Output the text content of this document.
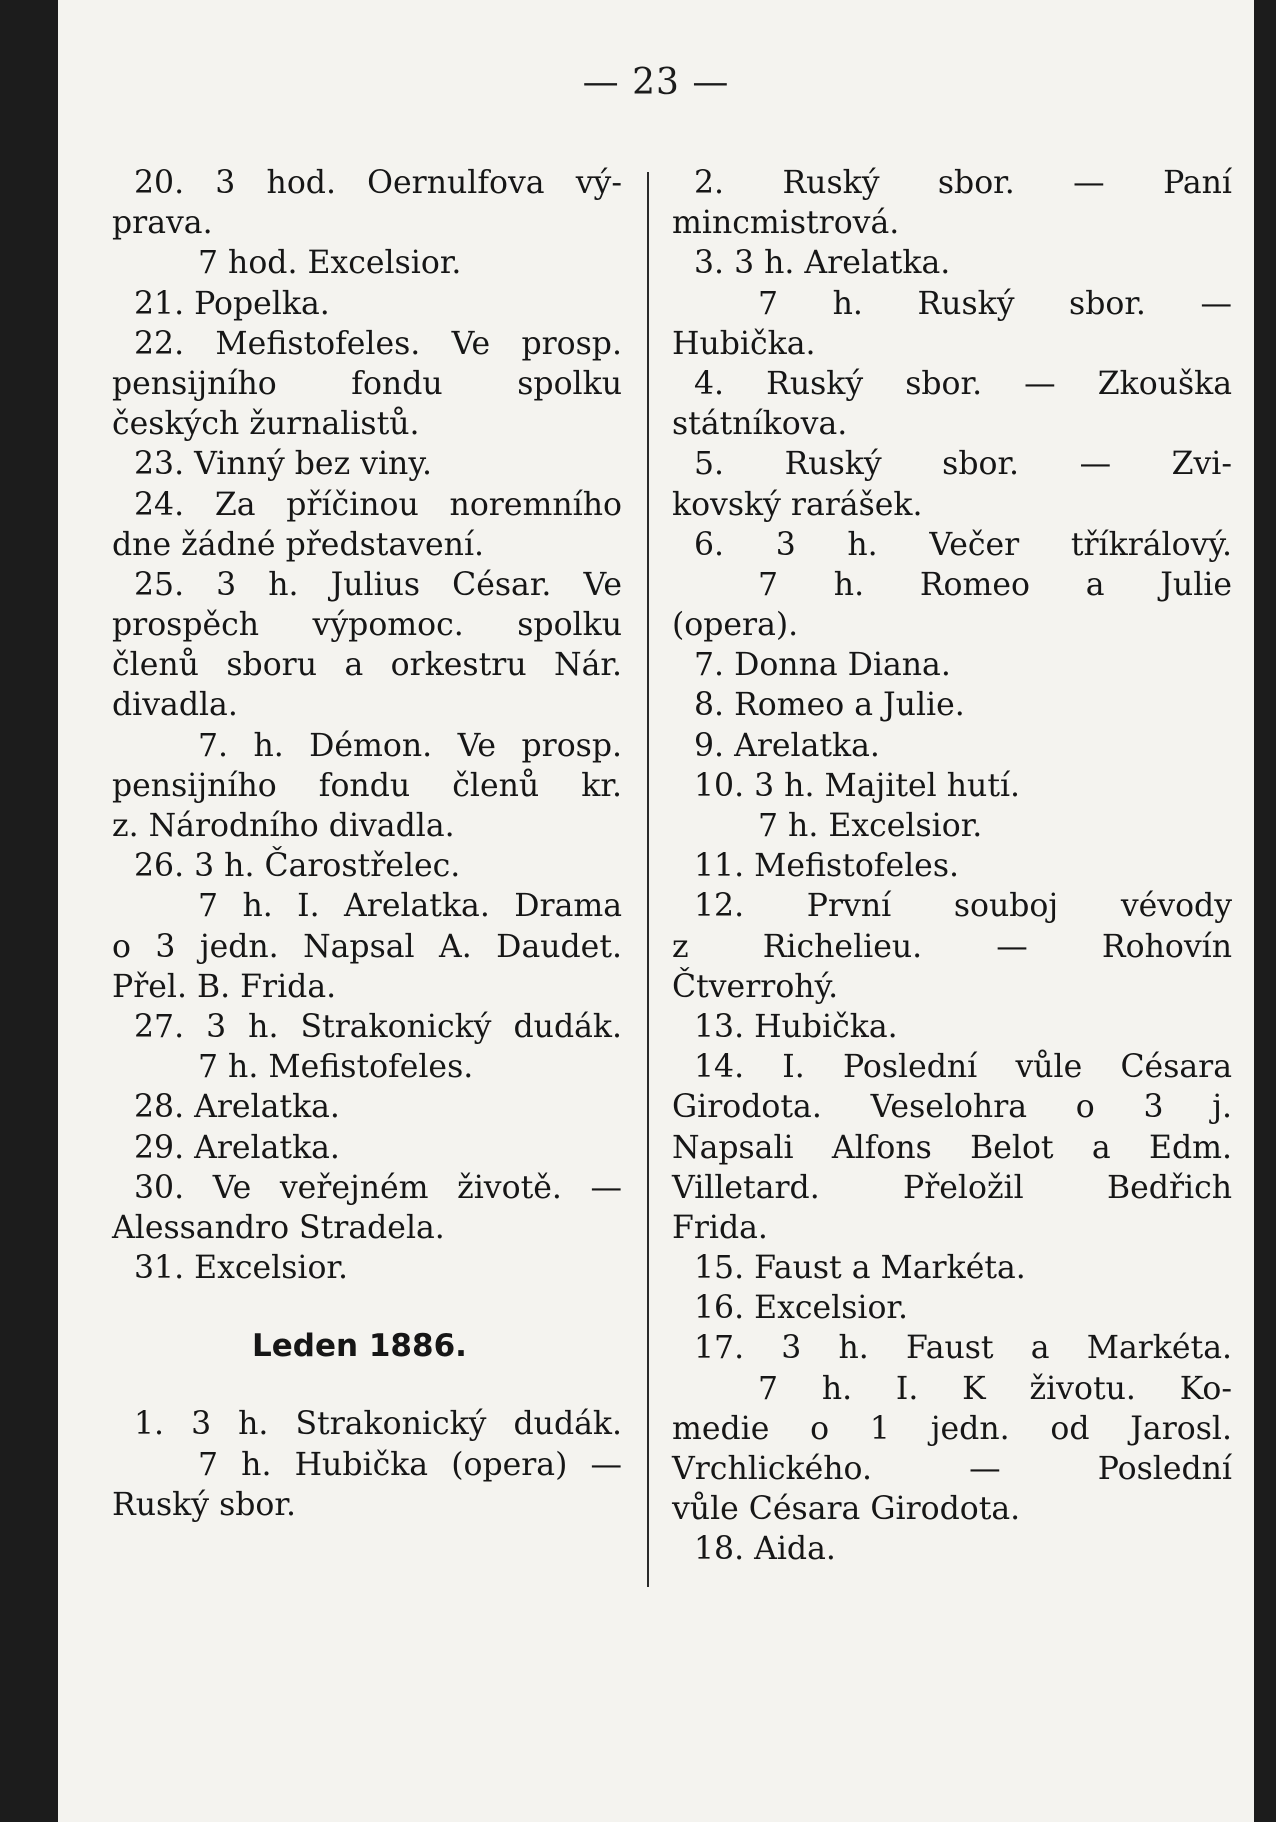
— 23 —
20. 3 hod. Oernulfova vý-
prava.
7 hod. Excelsior.
21. Popelka.
22. Mefistofeles. Ve prosp.
pensijního fondu spolku
českých žurnalistů.
23. Vinný bez viny.
24. Za příčinou noremního
dne žádné představení.
25. 3 h. Julius César. Ve
prospěch výpomoc. spolku
členů sboru a orkestru Nár.
divadla.
7. h. Démon. Ve prosp.
pensijního fondu členů kr.
z. Národního divadla.
26. 3 h. Čarostřelec.
7 h. I. Arelatka. Drama
o 3 jedn. Napsal A. Daudet.
Přel. B. Frida.
27. 3 h. Strakonický dudák.
7 h. Mefistofeles.
28. Arelatka.
29. Arelatka.
30. Ve veřejném životě. —
Alessandro Stradela.
31. Excelsior.
Leden 1886.
1. 3 h. Strakonický dudák.
7 h. Hubička (opera) —
Ruský sbor.
2. Ruský sbor. — Paní
mincmistrová.
3. 3 h. Arelatka.
7 h. Ruský sbor. —
Hubička.
4. Ruský sbor. — Zkouška
státníkova.
5. Ruský sbor. — Zvi-
kovský rarášek.
6. 3 h. Večer tříkrálový.
7 h. Romeo a Julie
(opera).
7. Donna Diana.
8. Romeo a Julie.
9. Arelatka.
10. 3 h. Majitel hutí.
7 h. Excelsior.
11. Mefistofeles.
12. První souboj vévody
z Richelieu. — Rohovín
Čtverrohý.
13. Hubička.
14. I. Poslední vůle Césara
Girodota. Veselohra o 3 j.
Napsali Alfons Belot a Edm.
Villetard. Přeložil Bedřich
Frida.
15. Faust a Markéta.
16. Excelsior.
17. 3 h. Faust a Markéta.
7 h. I. K životu. Ko-
medie o 1 jedn. od Jarosl.
Vrchlického. — Poslední
vůle Césara Girodota.
18. Aida.
